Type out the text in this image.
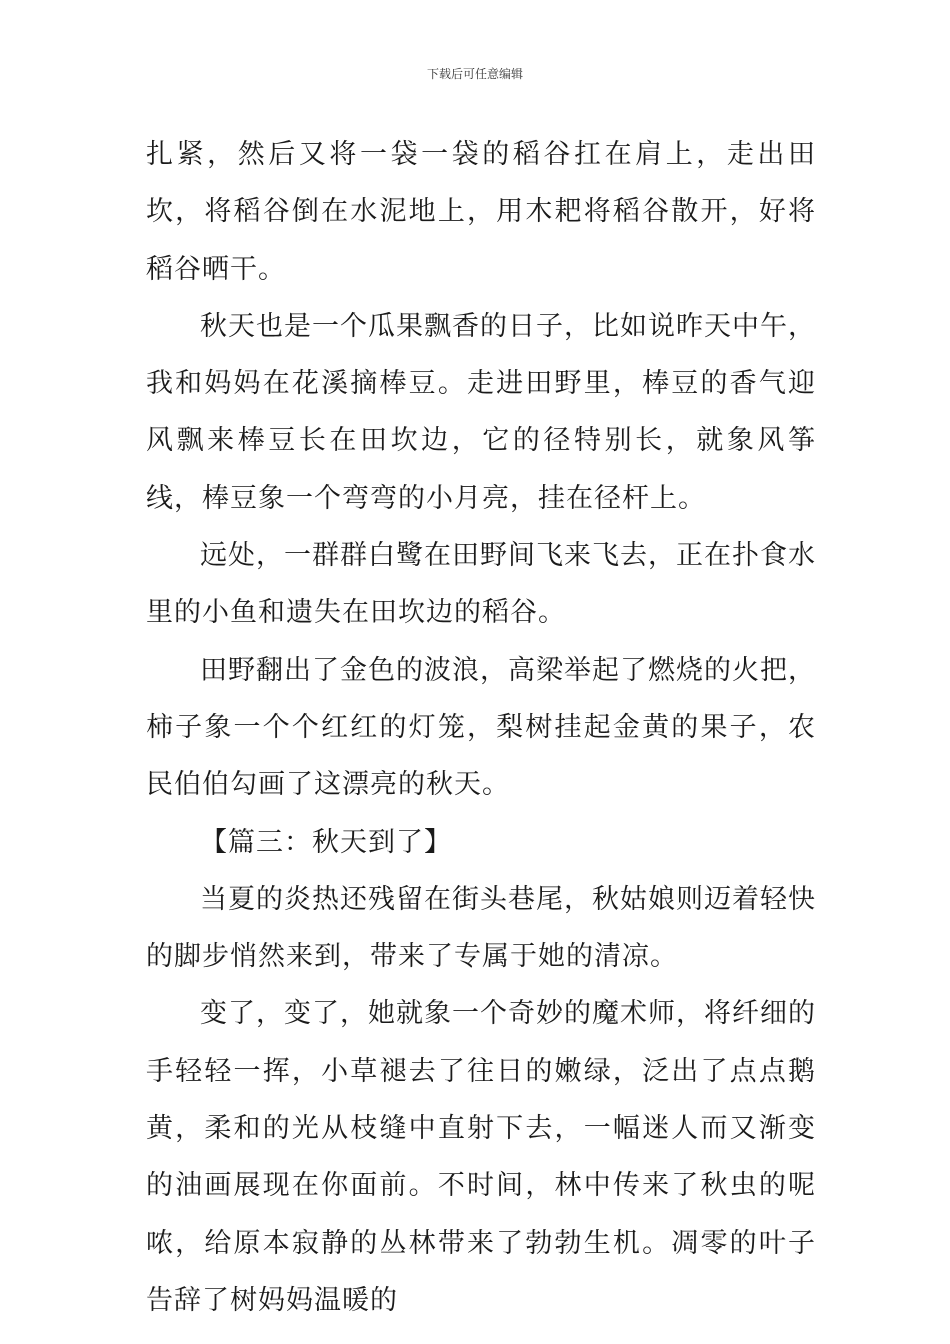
下载后可任意编辑

扎紧，然后又将一袋一袋的稻谷扛在肩上，走出田坎，将稻谷倒在水泥地上，用木耙将稻谷散开，好将稻谷晒干。

秋天也是一个瓜果飘香的日子，比如说昨天中午，我和妈妈在花溪摘棒豆。走进田野里，棒豆的香气迎风飘来棒豆长在田坎边，它的径特别长，就象风筝线，棒豆象一个弯弯的小月亮，挂在径杆上。

远处，一群群白鹭在田野间飞来飞去，正在扑食水里的小鱼和遗失在田坎边的稻谷。

田野翻出了金色的波浪，高梁举起了燃烧的火把，柿子象一个个红红的灯笼，梨树挂起金黄的果子，农民伯伯勾画了这漂亮的秋天。

【篇三：秋天到了】

当夏的炎热还残留在街头巷尾，秋姑娘则迈着轻快的脚步悄然来到，带来了专属于她的清凉。

变了，变了，她就象一个奇妙的魔术师，将纤细的手轻轻一挥，小草褪去了往日的嫩绿，泛出了点点鹅黄，柔和的光从枝缝中直射下去，一幅迷人而又渐变的油画展现在你面前。不时间，林中传来了秋虫的呢哝，给原本寂静的丛林带来了勃勃生机。凋零的叶子告辞了树妈妈温暖的
